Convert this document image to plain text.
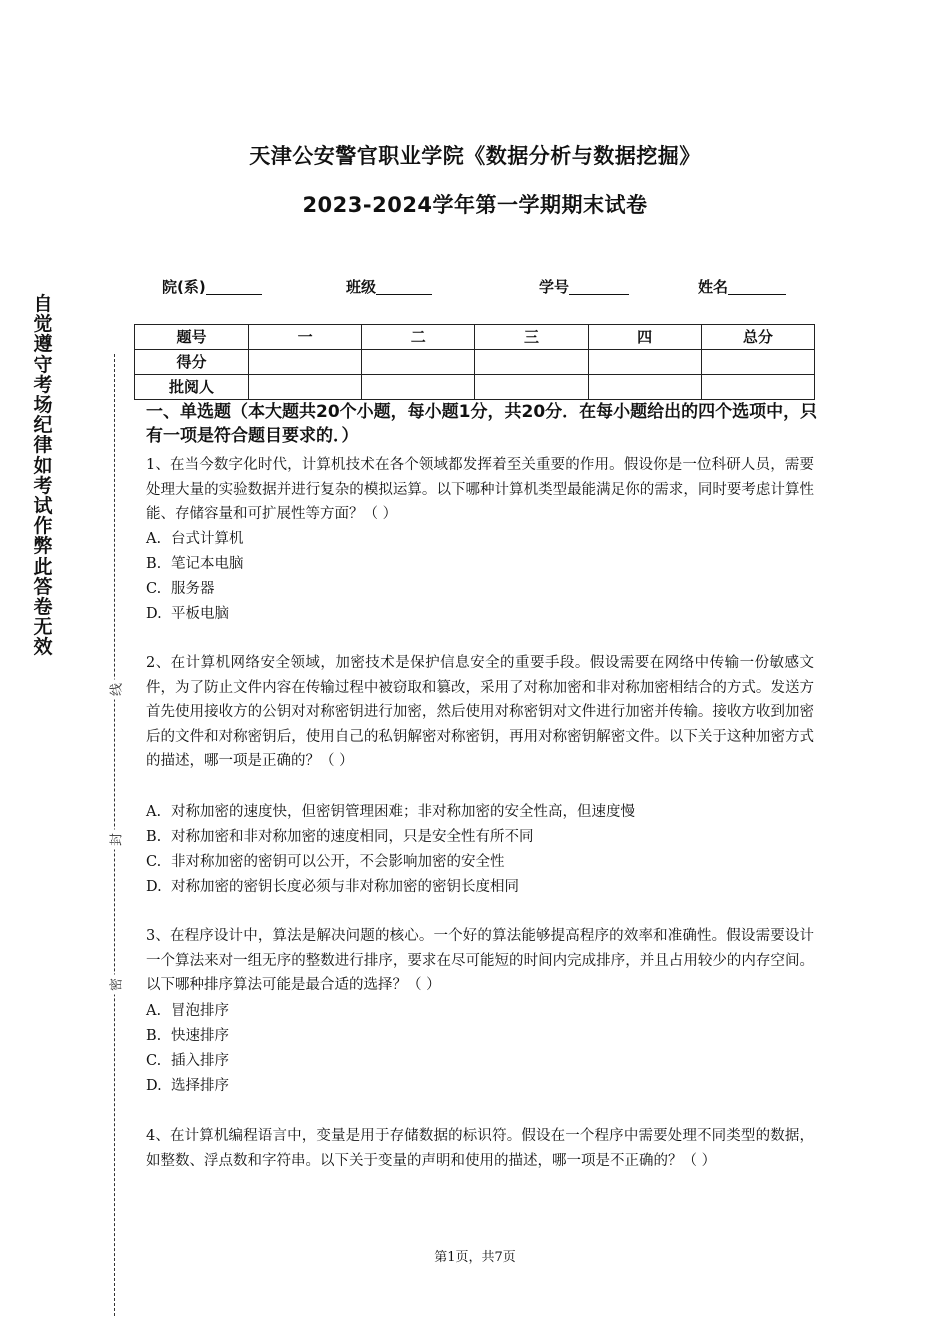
天津公安警官职业学院《数据分析与数据挖掘》
2023-2024学年第一学期期末试卷
院(系)	班级	学号	姓名
题号	一	二	三	四	总分
得分					
批阅人					
自觉遵守考场纪律如考试作弊此答卷无效
线
封
密
一、单选题（本大题共20个小题，每小题1分，共20分．在每小题给出的四个选项中，只有一项是符合题目要求的．）
1、在当今数字化时代，计算机技术在各个领域都发挥着至关重要的作用。假设你是一位科研人员，需要处理大量的实验数据并进行复杂的模拟运算。以下哪种计算机类型最能满足你的需求，同时要考虑计算性能、存储容量和可扩展性等方面？（ ）
A. 台式计算机
B. 笔记本电脑
C. 服务器
D. 平板电脑
2、在计算机网络安全领域，加密技术是保护信息安全的重要手段。假设需要在网络中传输一份敏感文件，为了防止文件内容在传输过程中被窃取和篡改，采用了对称加密和非对称加密相结合的方式。发送方首先使用接收方的公钥对对称密钥进行加密，然后使用对称密钥对文件进行加密并传输。接收方收到加密后的文件和对称密钥后，使用自己的私钥解密对称密钥，再用对称密钥解密文件。以下关于这种加密方式的描述，哪一项是正确的？（ ）
A. 对称加密的速度快，但密钥管理困难；非对称加密的安全性高，但速度慢
B. 对称加密和非对称加密的速度相同，只是安全性有所不同
C. 非对称加密的密钥可以公开，不会影响加密的安全性
D. 对称加密的密钥长度必须与非对称加密的密钥长度相同
3、在程序设计中，算法是解决问题的核心。一个好的算法能够提高程序的效率和准确性。假设需要设计一个算法来对一组无序的整数进行排序，要求在尽可能短的时间内完成排序，并且占用较少的内存空间。以下哪种排序算法可能是最合适的选择？（ ）
A. 冒泡排序
B. 快速排序
C. 插入排序
D. 选择排序
4、在计算机编程语言中，变量是用于存储数据的标识符。假设在一个程序中需要处理不同类型的数据，如整数、浮点数和字符串。以下关于变量的声明和使用的描述，哪一项是不正确的？（ ）
第1页，共7页
